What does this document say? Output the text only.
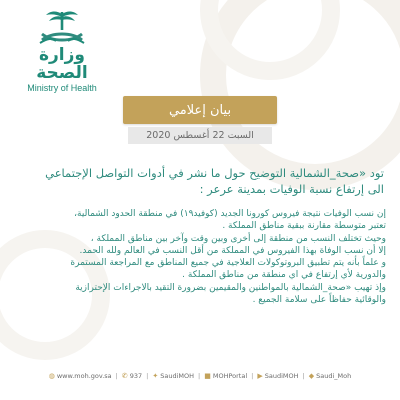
وزارة الصحة
Ministry of Health
بيان إعلامي
السبت 22 أغسطس 2020
تود «صحة_الشمالية التوضيح حول ما نشر في أدوات التواصل الإجتماعي
الى إرتفاع نسبة الوفيات بمدينة عرعر :

إن نسب الوفيات نتيجة فيروس كورونا الجديد (كوفيد١٩) في منطقة الحدود الشمالية،

تعتبر متوسطة مقارنة ببقية مناطق المملكة .

وحيث تختلف النسب من منطقة إلى أخرى وبين وقت وآخر بين مناطق المملكة ،

إلا أن نسب الوفاة بهذا الفيروس في المملكة من أقل النسب في العالم ولله الحمد.

و علماً بأنه يتم تطبيق البروتوكولات العلاجية في جميع المناطق مع المراجعة المستمرة

والدورية لأي إرتفاع في اي منطقة من مناطق المملكة .

وإذ تهيب «صحة_الشمالية بالمواطنين والمقيمين بضرورة التقيد بالاجراءات الإحترازية

والوقائية حفاظاً على سلامة الجميع .

◍ www.moh.gov.sa | ✆ 937 | ✦ SaudiMOH | ■ MOHPortal | ▶ SaudiMOH | ◆ Saudi_Moh
